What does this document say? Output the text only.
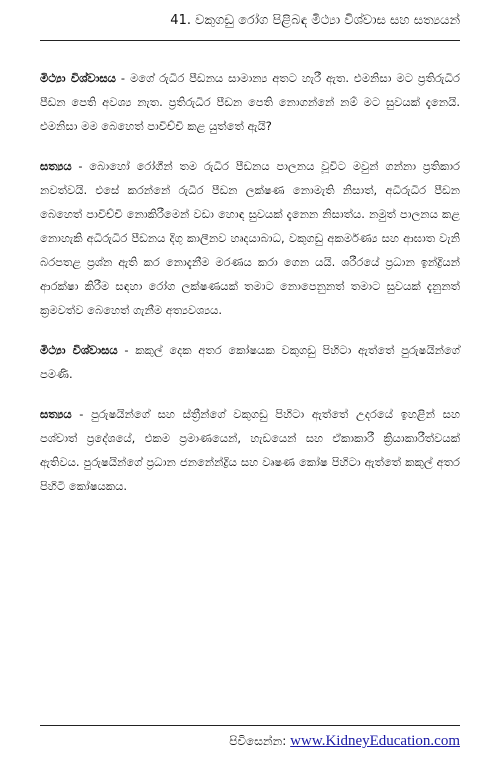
41. වකුගඩු රෝග පිළිබඳ මිථ්‍යා විශ්වාස සහ සත්‍යයන්

මිථ්‍යා විශ්වාසය - මගේ රුධිර පීඩනය සාමාන්‍ය අතට හැරී ඇත. එමනිසා මට ප්‍රතිරුධිර පීඩන පෙති අවශ්‍ය නැත. ප්‍රතිරුධිර පීඩන පෙති නොගන්නේ නම් මට සුවයක් දැනෙයි. එමනිසා මම බෙහෙත් පාවිච්චි කළ යුත්තේ ඇයි?

සත්‍යය - බොහෝ රෝගීන් තම රුධිර පීඩනය පාලනය වූවිට මවුන් ගන්නා ප්‍රතිකාර නවත්වයි. එසේ කරන්නේ රුධිර පීඩන ලක්ෂණ නොමැති නිසාත්, අධිරුධිර පීඩන බෙහෙත් පාවිච්චි නොකිරීමෙන් වඩා හොඳ සුවයක් දැනෙන නිසාත්ය. නමුත් පාලනය කළ නොහැකි අධිරුධිර පීඩනය දිගු කාලීනව හෘදයාබාධ, වකුගඩු අකර්මණ්‍ය සහ ආඝාත වැනි බරපතළ ප්‍රශ්න ඇති කර නොදැනීම මරණය කරා ගෙන යයි. ශරීරයේ ප්‍රධාන ඉන්ද්‍රියන් ආරක්ෂා කිරීම සඳහා රෝග ලක්ෂණයක් තමාට නොපෙනුනත් තමාට සුවයක් දැනුනත් ක්‍රමවත්ව බෙහෙත් ගැනීම අත්‍යවශ්‍යය.

මිථ්‍යා විශ්වාසය - කකුල් දෙක අතර කෝෂයක වකුගඩු පිහිටා ඇත්තේ පුරුෂයින්ගේ පමණි.

සත්‍යය - පුරුෂයින්ගේ සහ ස්ත්‍රීන්ගේ වකුගඩු පිහිටා ඇත්තේ උදරයේ ඉහළින් සහ පශ්චාත් ප්‍රදේශයේ, එකම ප්‍රමාණයෙන්, හැඩයෙන් සහ ඒකාකාරී ක්‍රියාකාරීත්වයක් ඇතිවය. පුරුෂයින්ගේ ප්‍රධාන ජනනේන්ද්‍රිය සහ වෘෂණ කෝෂ පිහිටා ඇත්තේ කකුල් අතර පිහිටි කෝෂයකය.

පිවිසෙන්න: www.KidneyEducation.com
